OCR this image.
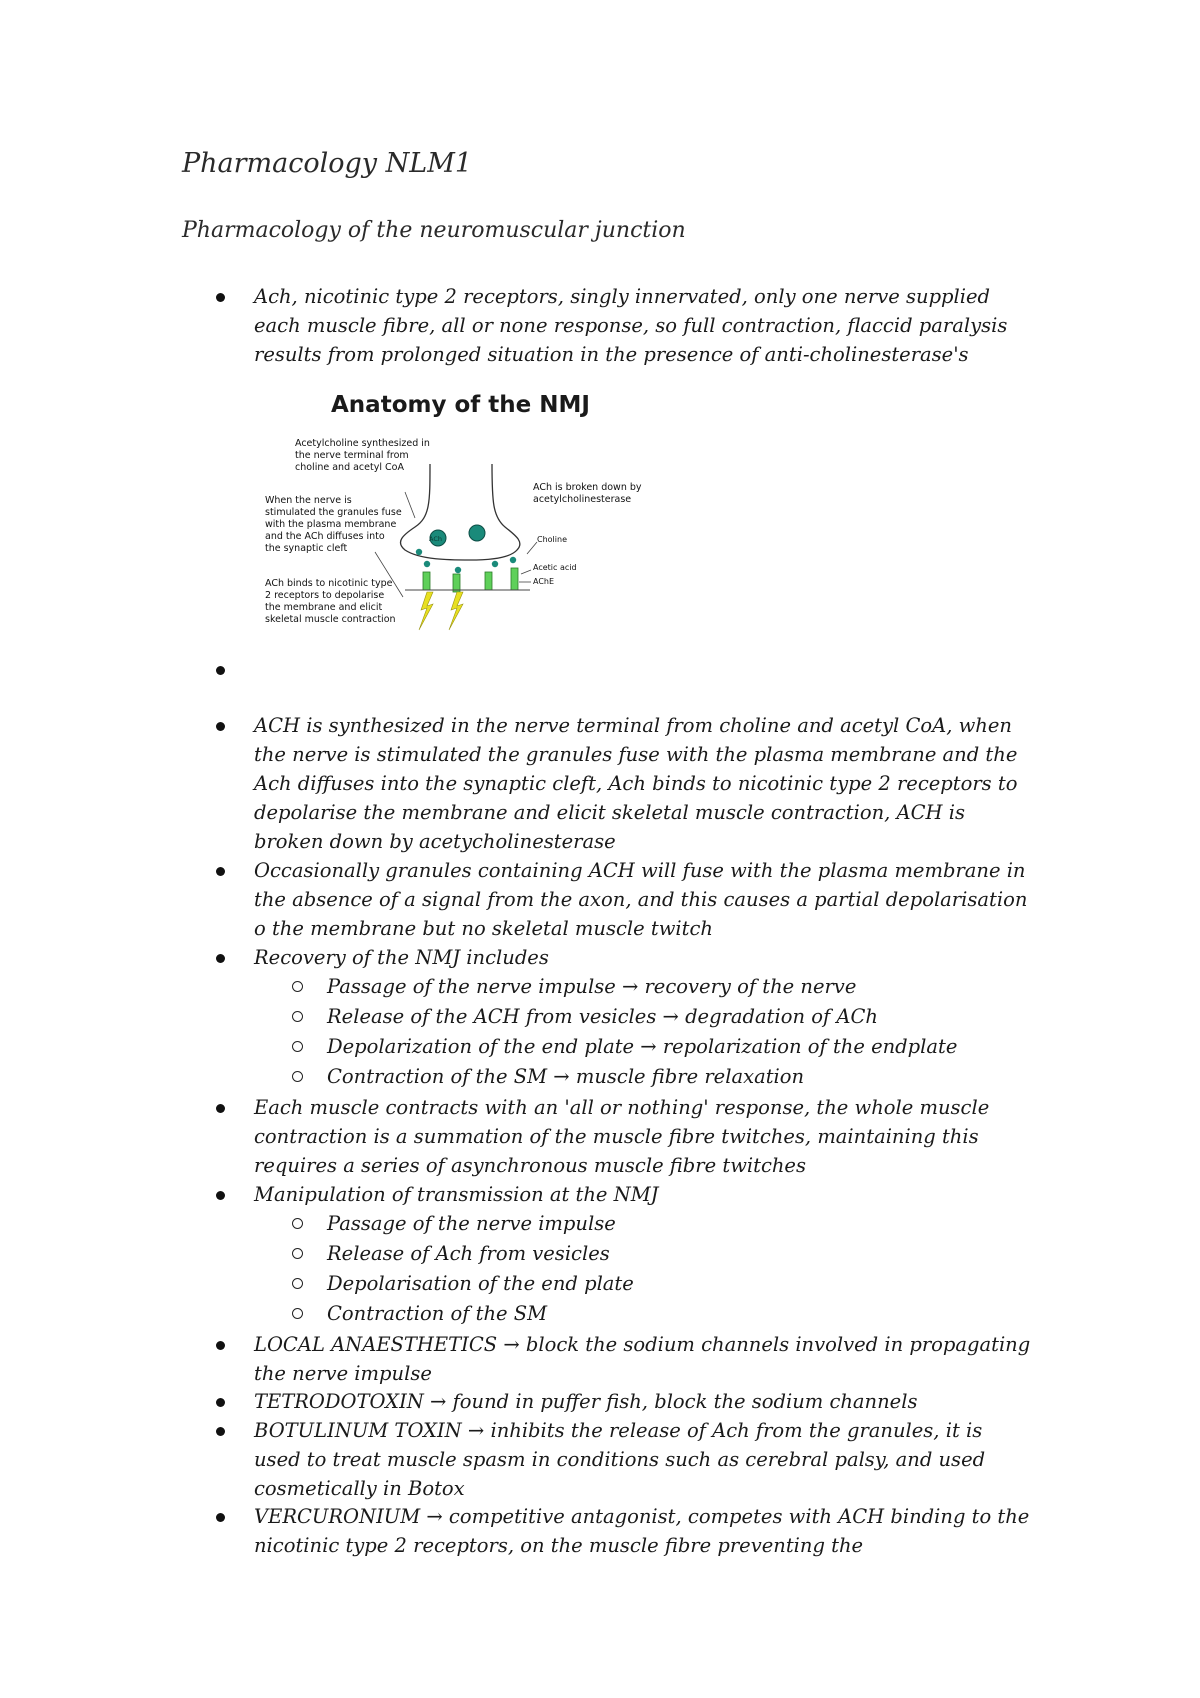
Pharmacology NLM1
Pharmacology of the neuromuscular junction
Ach, nicotinic type 2 receptors, singly innervated, only one nerve supplied each muscle fibre, all or none response, so full contraction, flaccid paralysis results from prolonged situation in the presence of anti-cholinesterase's
Anatomy of the NMJ
Acetylcholine synthesized in
the nerve terminal from
choline and acetyl CoA
When the nerve is
stimulated the granules fuse
with the plasma membrane
and the ACh diffuses into
the synaptic cleft
ACh binds to nicotinic type
2 receptors to depolarise
the membrane and elicit
skeletal muscle contraction
ACh is broken down by
acetylcholinesterase
Choline
Acetic acid
AChE
ACh
ACH is synthesized in the nerve terminal from choline and acetyl CoA, when the nerve is stimulated the granules fuse with the plasma membrane and the Ach diffuses into the synaptic cleft, Ach binds to nicotinic type 2 receptors to depolarise the membrane and elicit skeletal muscle contraction, ACH is broken down by acetycholinesterase
Occasionally granules containing ACH will fuse with the plasma membrane in the absence of a signal from the axon, and this causes a partial depolarisation o the membrane but no skeletal muscle twitch
Recovery of the NMJ includes
Passage of the nerve impulse → recovery of the nerve
Release of the ACH from vesicles → degradation of ACh
Depolarization of the end plate → repolarization of the endplate
Contraction of the SM → muscle fibre relaxation
Each muscle contracts with an 'all or nothing' response, the whole muscle contraction is a summation of the muscle fibre twitches, maintaining this requires a series of asynchronous muscle fibre twitches
Manipulation of transmission at the NMJ
Passage of the nerve impulse
Release of Ach from vesicles
Depolarisation of the end plate
Contraction of the SM
LOCAL ANAESTHETICS → block the sodium channels involved in propagating the nerve impulse
TETRODOTOXIN → found in puffer fish, block the sodium channels
BOTULINUM TOXIN → inhibits the release of Ach from the granules, it is used to treat muscle spasm in conditions such as cerebral palsy, and used cosmetically in Botox
VERCURONIUM → competitive antagonist, competes with ACH binding to the nicotinic type 2 receptors, on the muscle fibre preventing the
